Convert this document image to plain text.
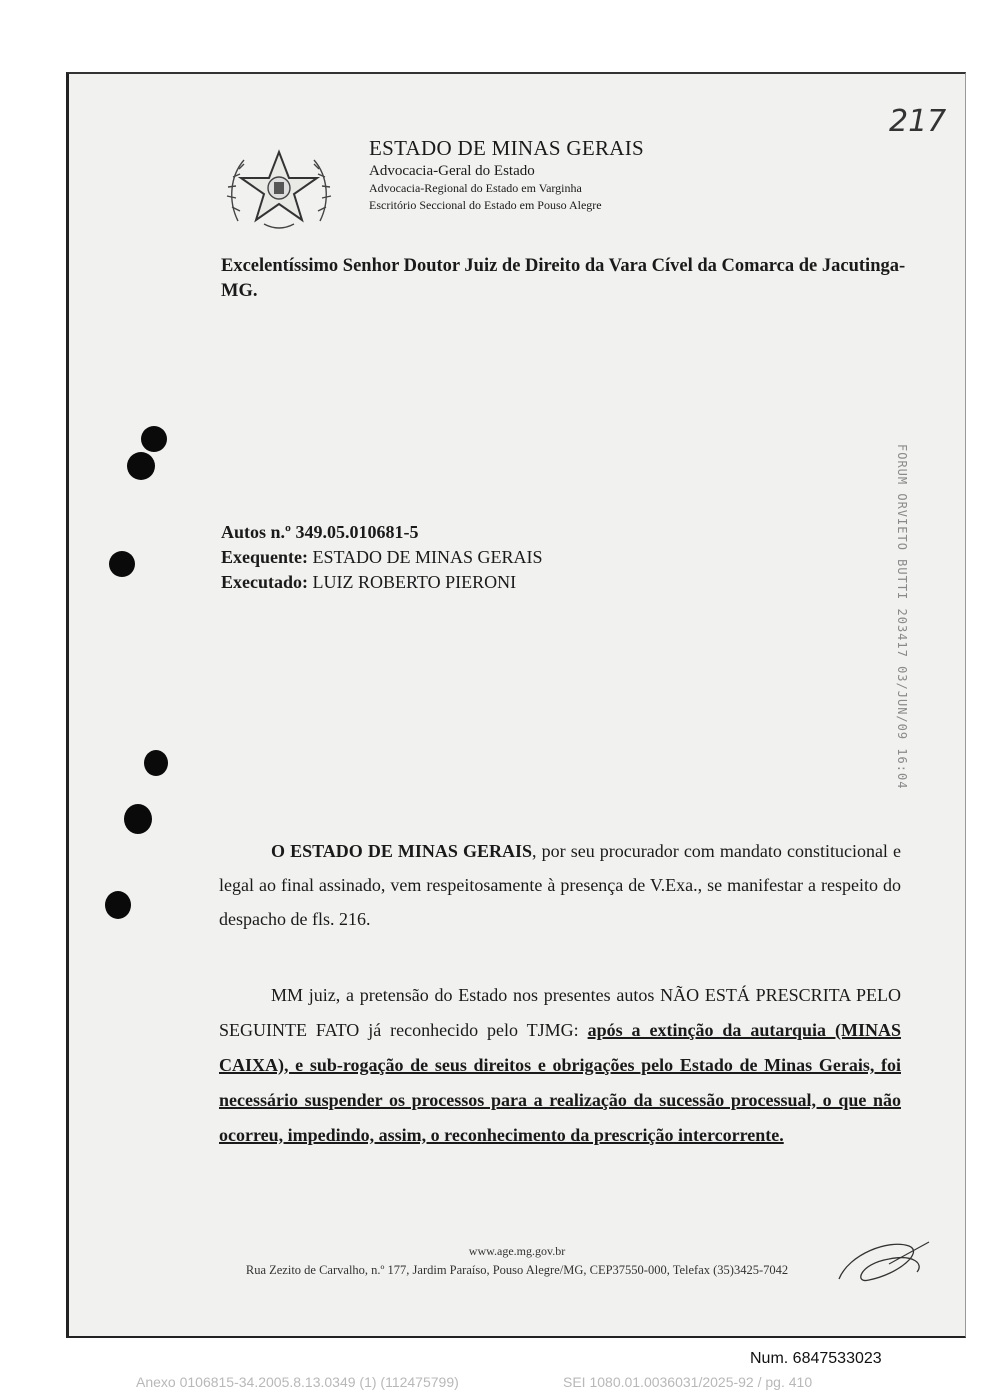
ESTADO DE MINAS GERAIS
Advocacia-Geral do Estado
Advocacia-Regional do Estado em Varginha
Escritório Seccional do Estado em Pouso Alegre
217
Excelentíssimo Senhor Doutor Juiz de Direito da Vara Cível da Comarca de Jacutinga-MG.
Autos n.º 349.05.010681-5
Exequente: ESTADO DE MINAS GERAIS
Executado: LUIZ ROBERTO PIERONI	FORUM ORVIETO BUTTI 203417 03/JUN/09 16:04
O ESTADO DE MINAS GERAIS, por seu procurador com mandato constitucional e legal ao final assinado, vem respeitosamente à presença de V.Exa., se manifestar a respeito do despacho de fls. 216.
MM juiz, a pretensão do Estado nos presentes autos NÃO ESTÁ PRESCRITA PELO SEGUINTE FATO já reconhecido pelo TJMG: após a extinção da autarquia (MINAS CAIXA), e sub-rogação de seus direitos e obrigações pelo Estado de Minas Gerais, foi necessário suspender os processos para a realização da sucessão processual, o que não ocorreu, impedindo, assim, o reconhecimento da prescrição intercorrente.
www.age.mg.gov.br
Rua Zezito de Carvalho, n.º 177, Jardim Paraíso, Pouso Alegre/MG, CEP37550-000, Telefax (35)3425-7042
Num. 6847533023
Anexo 0106815-34.2005.8.13.0349 (1) (112475799)	SEI 1080.01.0036031/2025-92 / pg. 410
